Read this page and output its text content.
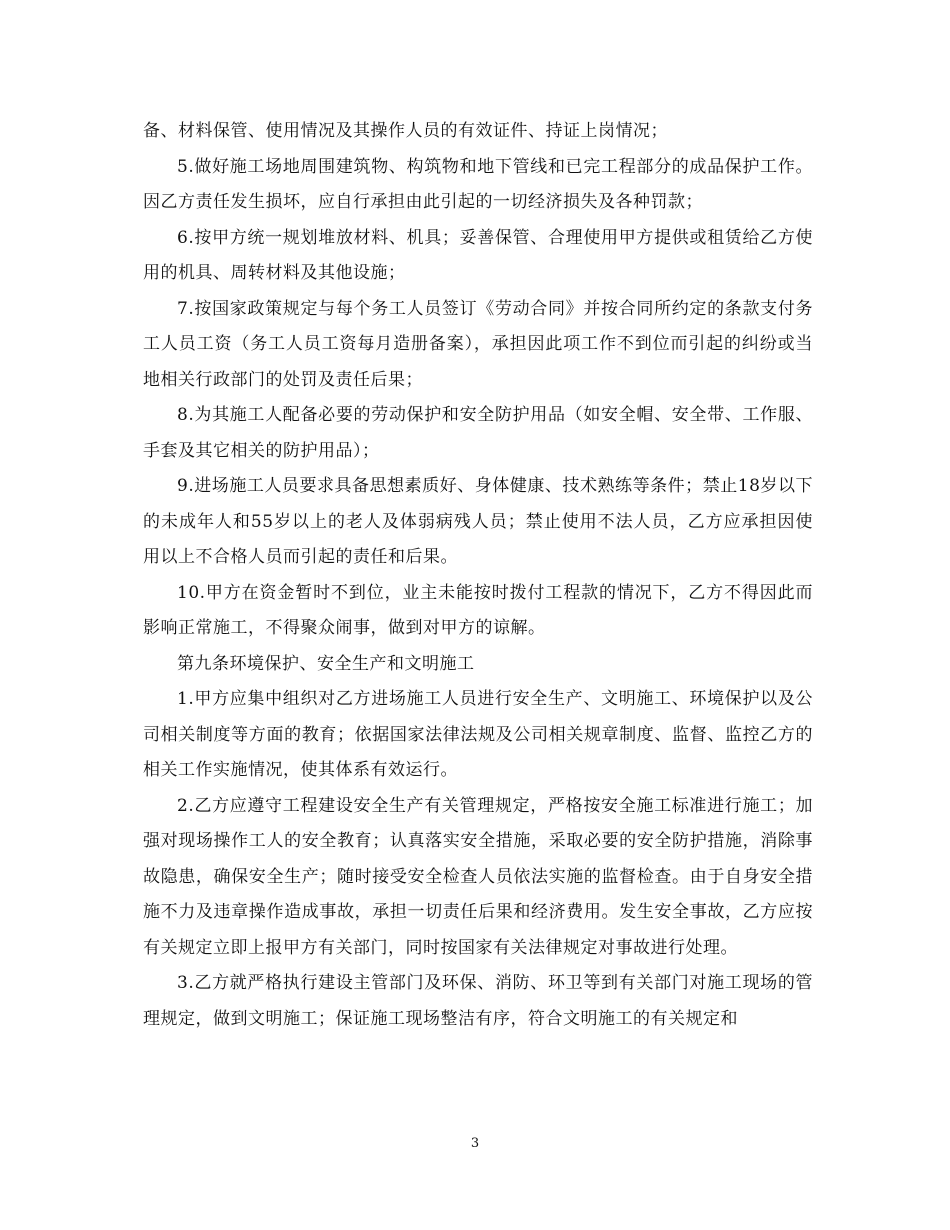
备、材料保管、使用情况及其操作人员的有效证件、持证上岗情况；

5.做好施工场地周围建筑物、构筑物和地下管线和已完工程部分的成品保护工作。因乙方责任发生损坏，应自行承担由此引起的一切经济损失及各种罚款；

6.按甲方统一规划堆放材料、机具；妥善保管、合理使用甲方提供或租赁给乙方使用的机具、周转材料及其他设施；

7.按国家政策规定与每个务工人员签订《劳动合同》并按合同所约定的条款支付务工人员工资（务工人员工资每月造册备案），承担因此项工作不到位而引起的纠纷或当地相关行政部门的处罚及责任后果；

8.为其施工人配备必要的劳动保护和安全防护用品（如安全帽、安全带、工作服、手套及其它相关的防护用品）；

9.进场施工人员要求具备思想素质好、身体健康、技术熟练等条件；禁止18岁以下的未成年人和55岁以上的老人及体弱病残人员；禁止使用不法人员，乙方应承担因使用以上不合格人员而引起的责任和后果。

10.甲方在资金暂时不到位，业主未能按时拨付工程款的情况下，乙方不得因此而影响正常施工，不得聚众闹事，做到对甲方的谅解。

第九条环境保护、安全生产和文明施工

1.甲方应集中组织对乙方进场施工人员进行安全生产、文明施工、环境保护以及公司相关制度等方面的教育；依据国家法律法规及公司相关规章制度、监督、监控乙方的相关工作实施情况，使其体系有效运行。

2.乙方应遵守工程建设安全生产有关管理规定，严格按安全施工标准进行施工；加强对现场操作工人的安全教育；认真落实安全措施，采取必要的安全防护措施，消除事故隐患，确保安全生产；随时接受安全检查人员依法实施的监督检查。由于自身安全措施不力及违章操作造成事故，承担一切责任后果和经济费用。发生安全事故，乙方应按有关规定立即上报甲方有关部门，同时按国家有关法律规定对事故进行处理。

3.乙方就严格执行建设主管部门及环保、消防、环卫等到有关部门对施工现场的管理规定，做到文明施工；保证施工现场整洁有序，符合文明施工的有关规定和

3
